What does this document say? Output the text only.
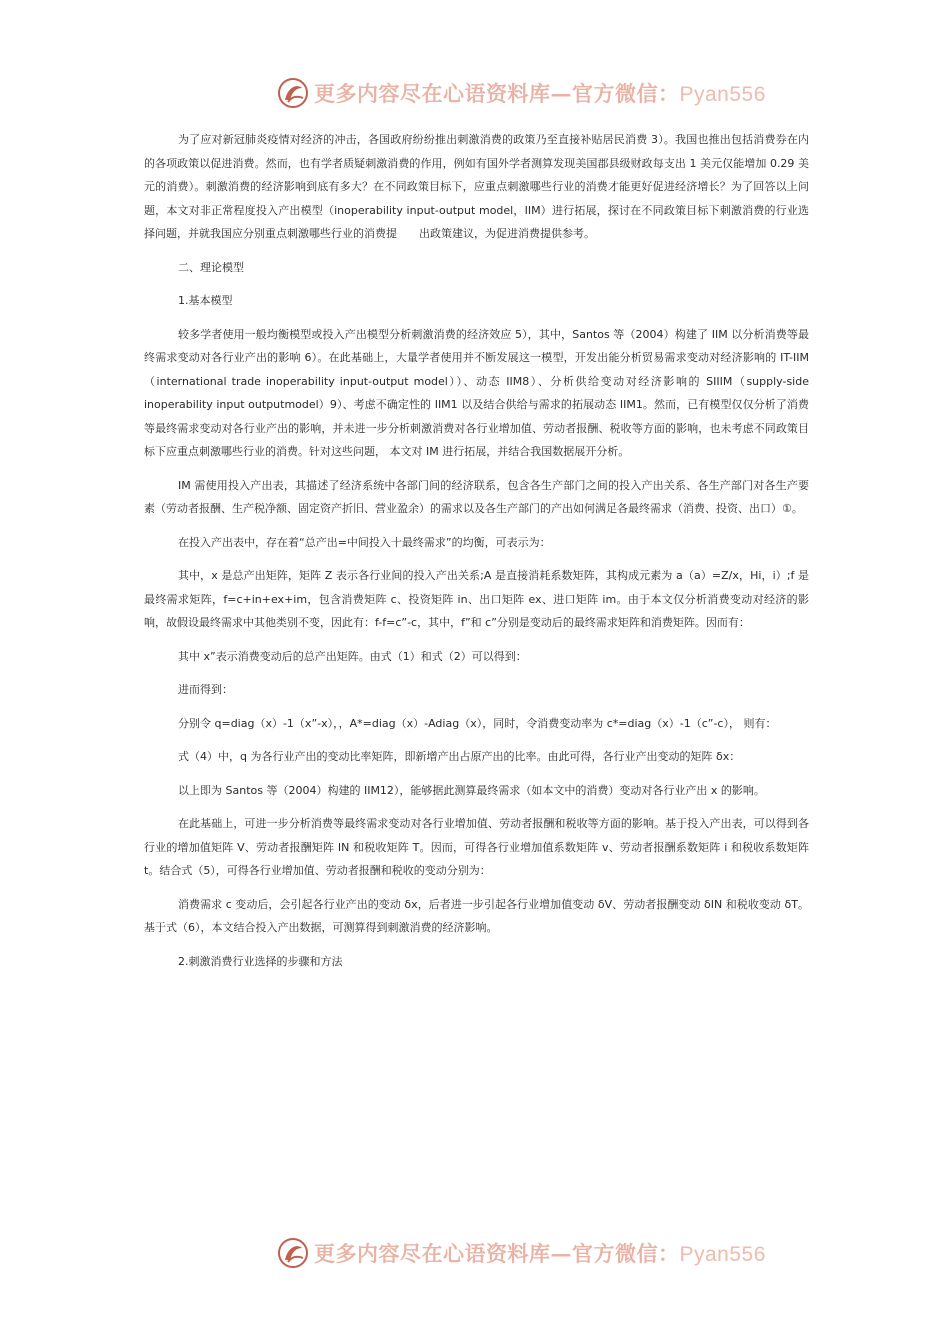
更多内容尽在心语资料库—官方微信：Pyan556

为了应对新冠肺炎疫情对经济的冲击，各国政府纷纷推出刺激消费的政策乃至直接补贴居民消费 3）。我国也推出包括消费券在内的各项政策以促进消费。然而，也有学者质疑刺激消费的作用，例如有国外学者测算发现美国郡县级财政每支出 1 美元仅能增加 0.29 美元的消费）。刺激消费的经济影响到底有多大？在不同政策目标下，应重点刺激哪些行业的消费才能更好促进经济增长？为了回答以上问题，本文对非正常程度投入产出模型（inoperability input-output model，IIM）进行拓展，探讨在不同政策目标下刺激消费的行业选择问题，并就我国应分别重点刺激哪些行业的消费提　　出政策建议，为促进消费提供参考。

二、理论模型

1.基本模型

较多学者使用一般均衡模型或投入产出模型分析刺激消费的经济效应 5），其中，Santos 等（2004）构建了 IIM 以分析消费等最终需求变动对各行业产出的影响 6）。在此基础上，大量学者使用并不断发展这一模型，开发出能分析贸易需求变动对经济影响的 IT-IIM（international trade inoperability input-output model））、动态 IIM8）、分析供给变动对经济影响的 SIIIM（supply-side inoperability input outputmodel）9）、考虑不确定性的 IIM1 以及结合供给与需求的拓展动态 IIM1。然而，已有模型仅仅分析了消费等最终需求变动对各行业产出的影响，并未进一步分析刺激消费对各行业增加值、劳动者报酬、税收等方面的影响，也未考虑不同政策目标下应重点刺激哪些行业的消费。针对这些问题， 本文对 IM 进行拓展，并结合我国数据展开分析。

IM 需使用投入产出表，其描述了经济系统中各部门间的经济联系，包含各生产部门之间的投入产出关系、各生产部门对各生产要素（劳动者报酬、生产税净额、固定资产折旧、营业盈余）的需求以及各生产部门的产出如何满足各最终需求（消费、投资、出口）①。

在投入产出表中，存在着“总产出=中间投入十最终需求”的均衡，可表示为：

其中，x 是总产出矩阵，矩阵 Z 表示各行业间的投入产出关系;A 是直接消耗系数矩阵，其构成元素为 a（a）=Z/x，Hi，i）;f 是最终需求矩阵，f=c+in+ex+im，包含消费矩阵 c、投资矩阵 in、出口矩阵 ex、进口矩阵 im。由于本文仅分析消费变动对经济的影响，故假设最终需求中其他类别不变，因此有：f-f=c”-c，其中，f”和 c”分别是变动后的最终需求矩阵和消费矩阵。因而有：

其中 x”表示消费变动后的总产出矩阵。由式（1）和式（2）可以得到：

进而得到：

分别令 q=diag（x）-1（x”-x），，A*=diag（x）-Adiag（x），同时，令消费变动率为 c*=diag（x）-1（c”-c）， 则有：

式（4）中，q 为各行业产出的变动比率矩阵，即新增产出占原产出的比率。由此可得，各行业产出变动的矩阵 δx：

以上即为 Santos 等（2004）构建的 IIM12），能够据此测算最终需求（如本文中的消费）变动对各行业产出 x 的影响。

在此基础上，可进一步分析消费等最终需求变动对各行业增加值、劳动者报酬和税收等方面的影响。基于投入产出表，可以得到各行业的增加值矩阵 V、劳动者报酬矩阵 IN 和税收矩阵 T。因而，可得各行业增加值系数矩阵 v、劳动者报酬系数矩阵 i 和税收系数矩阵 t。结合式（5），可得各行业增加值、劳动者报酬和税收的变动分别为：

消费需求 c 变动后，会引起各行业产出的变动 δx，后者进一步引起各行业增加值变动 δV、劳动者报酬变动 δIN 和税收变动 δT。基于式（6），本文结合投入产出数据，可测算得到刺激消费的经济影响。

2.刺激消费行业选择的步骤和方法

更多内容尽在心语资料库—官方微信：Pyan556
